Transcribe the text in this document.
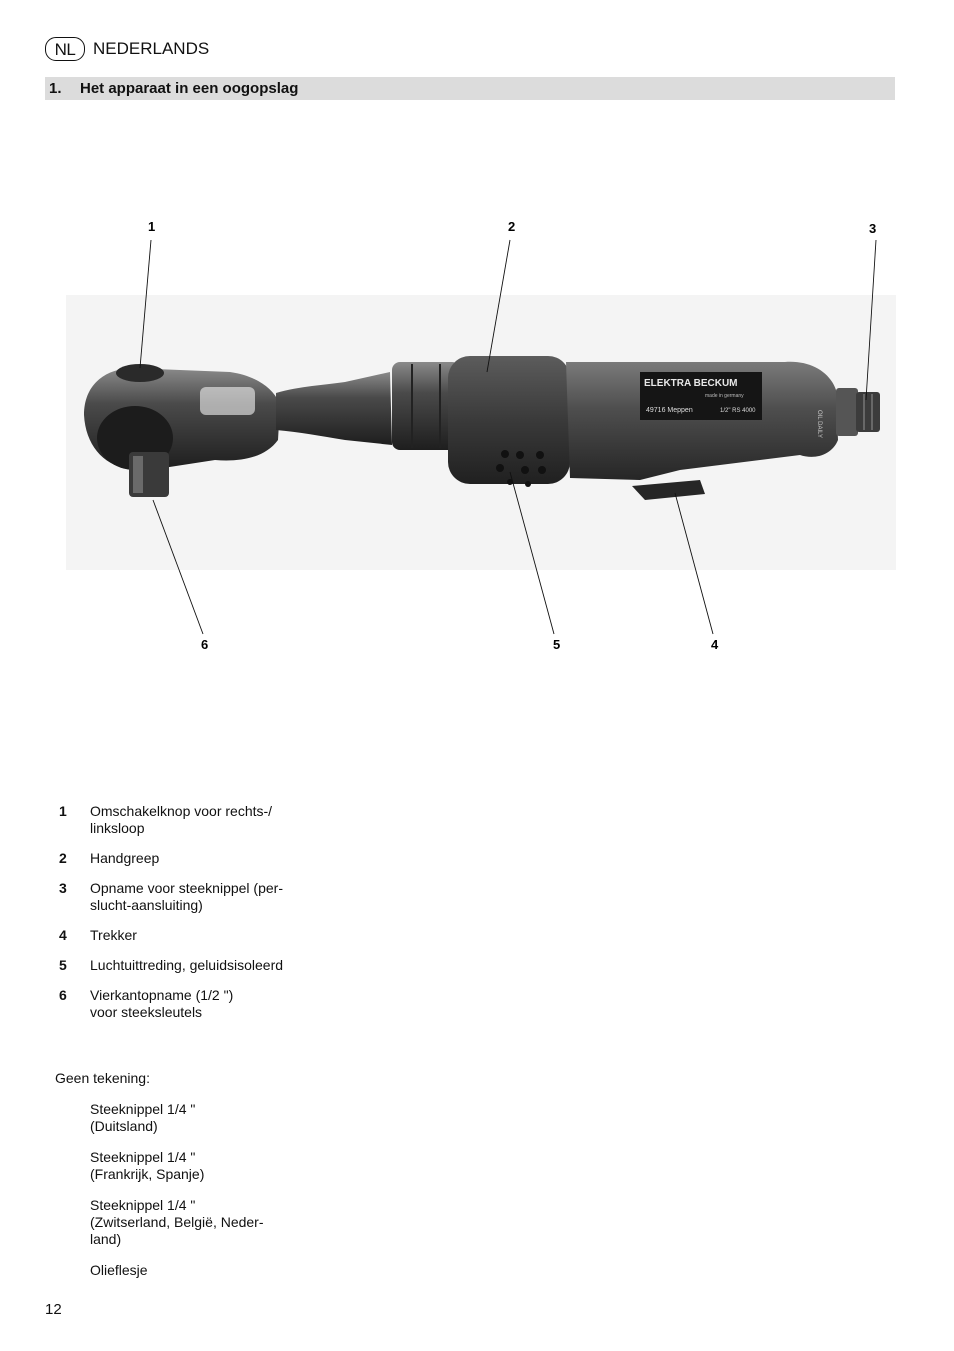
NL	NEDERLANDS
1.	Het apparaat in een oogopslag
ELEKTRA BECKUM
made in germany
49716 Meppen	1/2" RS 4000	OIL DAILY
1	2	3
4
5
6
1	Omschakelknop voor rechts-/
linksloop
2	Handgreep
3	Opname voor steeknippel (per-
slucht-aansluiting)
4	Trekker
5	Luchtuittreding, geluidsisoleerd
6	Vierkantopname (1/2 ")
voor steeksleutels
Geen tekening:
Steeknippel 1/4 "
(Duitsland)
Steeknippel 1/4 "
(Frankrijk, Spanje)
Steeknippel 1/4 "
(Zwitserland, België, Neder-
land)
Olieflesje
12
